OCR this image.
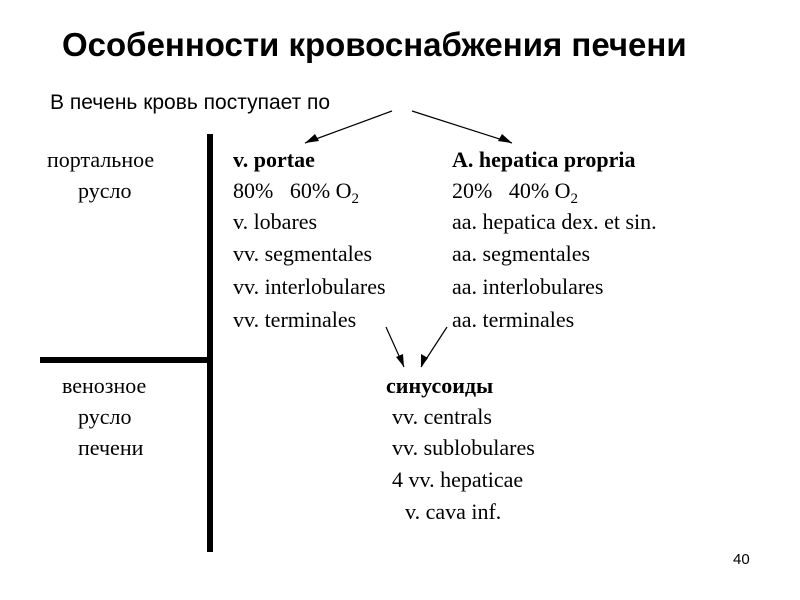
Особенности кровоснабжения печени
В печень кровь поступает по
портальное
русло
венозное
русло
печени
v. portae
80% 60% $O_2$
v. lobares
vv. segmentales
vv. interlobulares
vv. terminales
A. hepatica propria
20% 40% $O_2$
aa. hepatica dex. et sin.
aa. segmentales
aa. interlobulares
aa. terminales
синусоиды
vv. centrals
vv. sublobulares
4 vv. hepaticae
v. cava inf.
40
